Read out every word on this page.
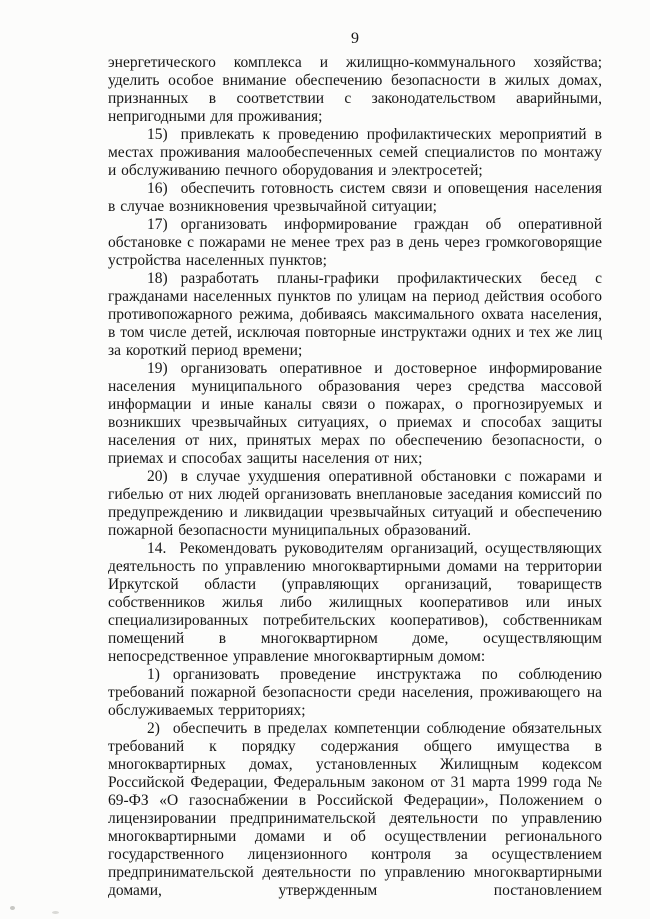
9

энергетического комплекса и жилищно-коммунального хозяйства; уделить особое внимание обеспечению безопасности в жилых домах, признанных в соответствии с законодательством аварийными, непригодными для проживания;

15) привлекать к проведению профилактических мероприятий в местах проживания малообеспеченных семей специалистов по монтажу и обслуживанию печного оборудования и электросетей;

16) обеспечить готовность систем связи и оповещения населения в случае возникновения чрезвычайной ситуации;

17) организовать информирование граждан об оперативной обстановке с пожарами не менее трех раз в день через громкоговорящие устройства населенных пунктов;

18) разработать планы-графики профилактических бесед с гражданами населенных пунктов по улицам на период действия особого противопожарного режима, добиваясь максимального охвата населения, в том числе детей, исключая повторные инструктажи одних и тех же лиц за короткий период времени;

19) организовать оперативное и достоверное информирование населения муниципального образования через средства массовой информации и иные каналы связи о пожарах, о прогнозируемых и возникших чрезвычайных ситуациях, о приемах и способах защиты населения от них, принятых мерах по обеспечению безопасности, о приемах и способах защиты населения от них;

20) в случае ухудшения оперативной обстановки с пожарами и гибелью от них людей организовать внеплановые заседания комиссий по предупреждению и ликвидации чрезвычайных ситуаций и обеспечению пожарной безопасности муниципальных образований.

14. Рекомендовать руководителям организаций, осуществляющих деятельность по управлению многоквартирными домами на территории Иркутской области (управляющих организаций, товариществ собственников жилья либо жилищных кооперативов или иных специализированных потребительских кооперативов), собственникам помещений в многоквартирном доме, осуществляющим непосредственное управление многоквартирным домом:

1) организовать проведение инструктажа по соблюдению требований пожарной безопасности среди населения, проживающего на обслуживаемых территориях;

2) обеспечить в пределах компетенции соблюдение обязательных требований к порядку содержания общего имущества в многоквартирных домах, установленных Жилищным кодексом Российской Федерации, Федеральным законом от 31 марта 1999 года № 69-ФЗ «О газоснабжении в Российской Федерации», Положением о лицензировании предпринимательской деятельности по управлению многоквартирными домами и об осуществлении регионального государственного лицензионного контроля за осуществлением предпринимательской деятельности по управлению многоквартирными домами, утвержденным постановлением
